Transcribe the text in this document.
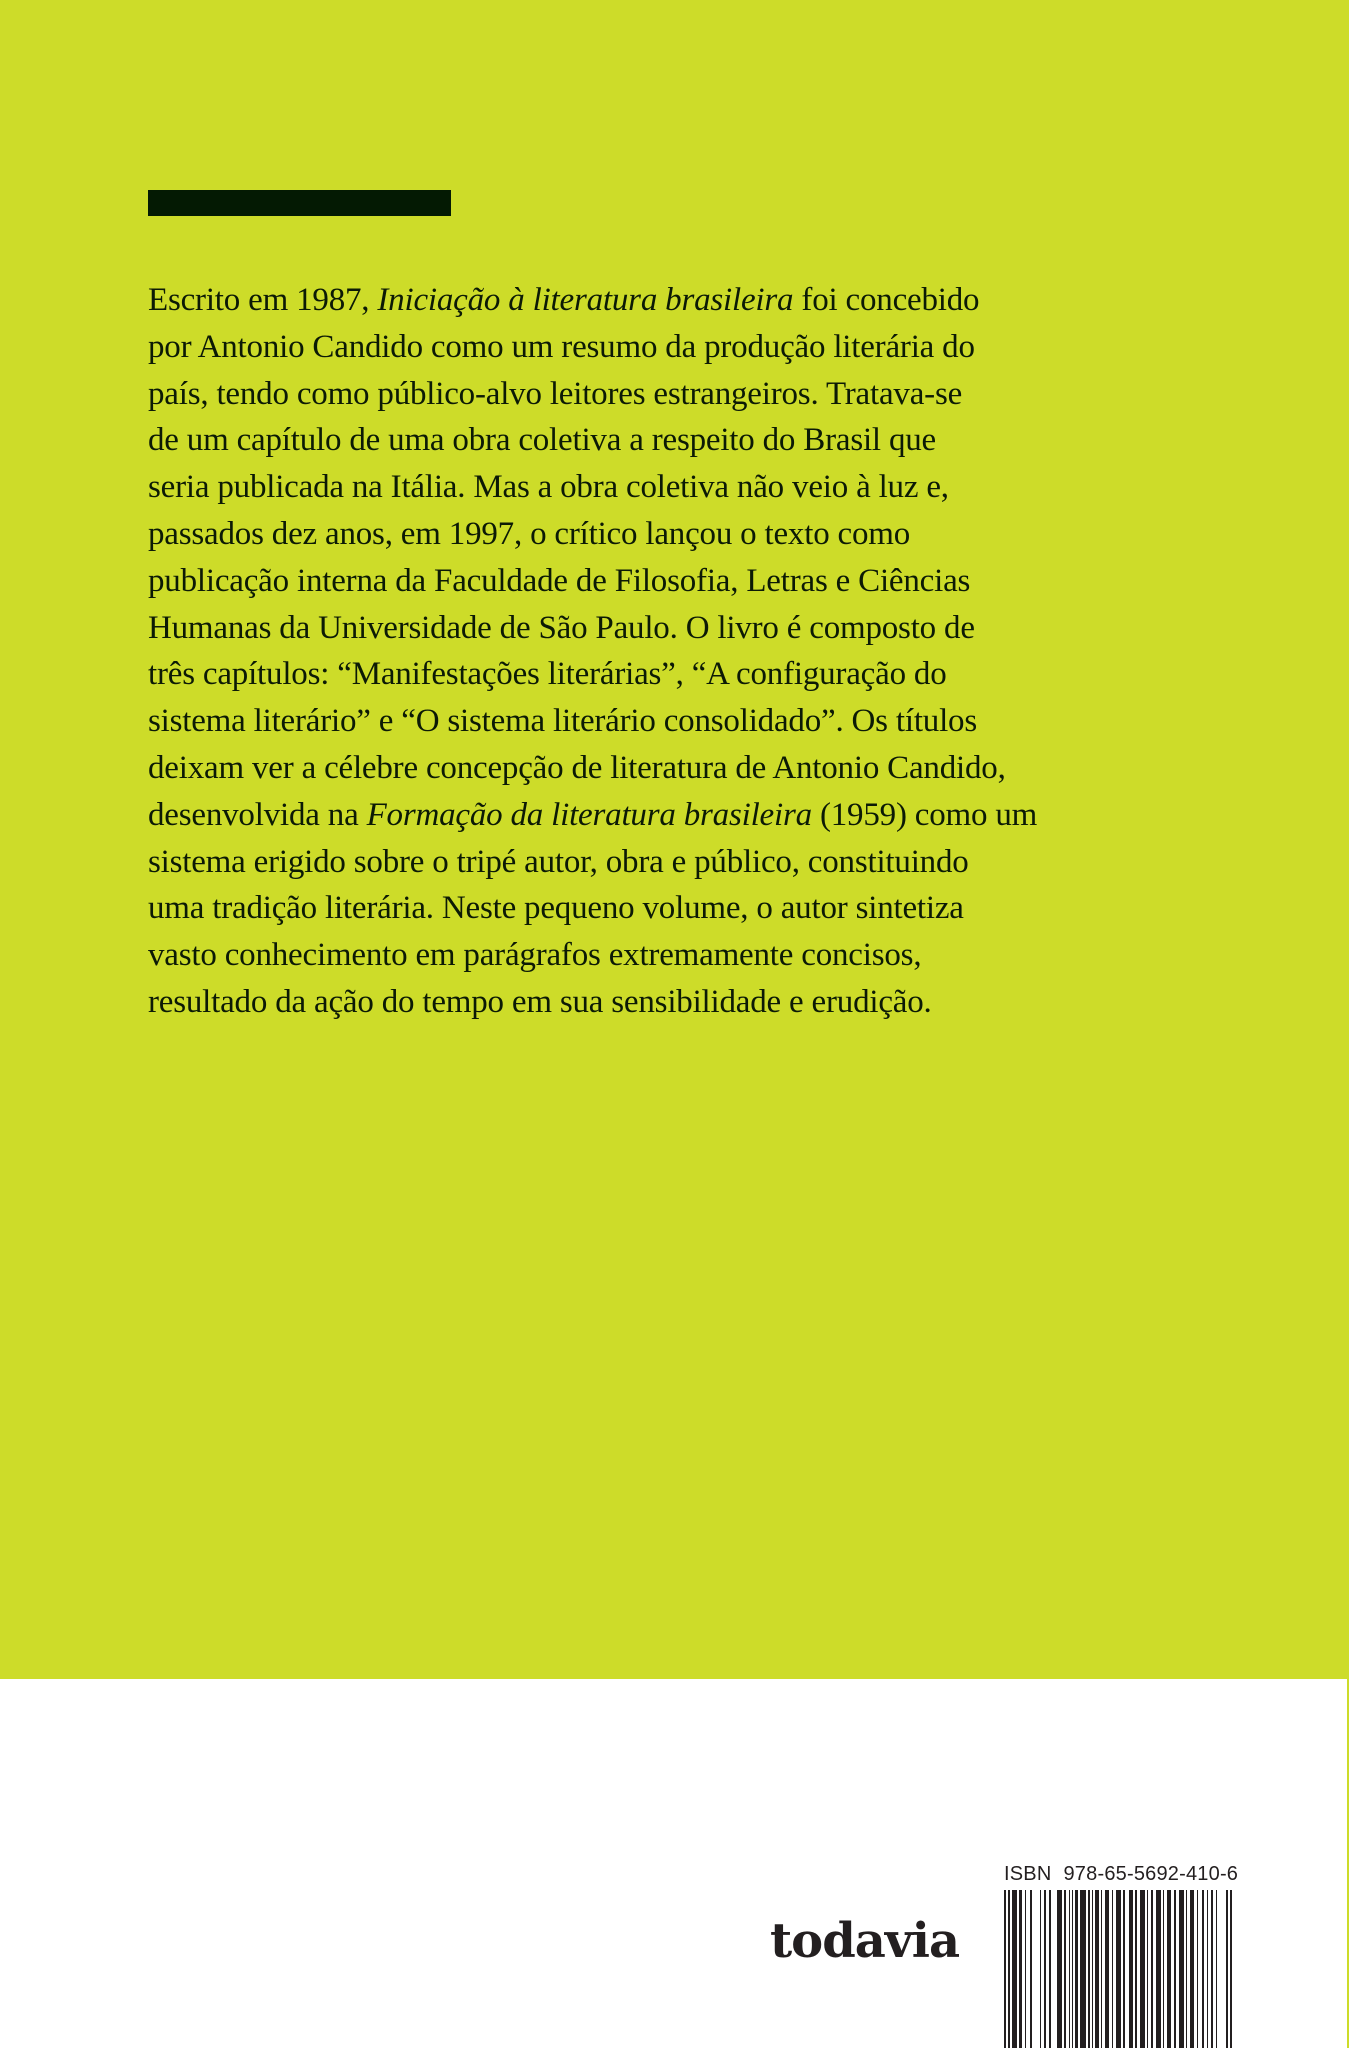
Escrito em 1987, Iniciação à literatura brasileira foi concebido
por Antonio Candido como um resumo da produção literária do
país, tendo como público-alvo leitores estrangeiros. Tratava-se
de um capítulo de uma obra coletiva a respeito do Brasil que
seria publicada na Itália. Mas a obra coletiva não veio à luz e,
passados dez anos, em 1997, o crítico lançou o texto como
publicação interna da Faculdade de Filosofia, Letras e Ciências
Humanas da Universidade de São Paulo. O livro é composto de
três capítulos: “Manifestações literárias”, “A configuração do
sistema literário” e “O sistema literário consolidado”. Os títulos
deixam ver a célebre concepção de literatura de Antonio Candido,
desenvolvida na Formação da literatura brasileira (1959) como um
sistema erigido sobre o tripé autor, obra e público, constituindo
uma tradição literária. Neste pequeno volume, o autor sintetiza
vasto conhecimento em parágrafos extremamente concisos,
resultado da ação do tempo em sua sensibilidade e erudição.

todavia
ISBN 978-65-5692-410-6
